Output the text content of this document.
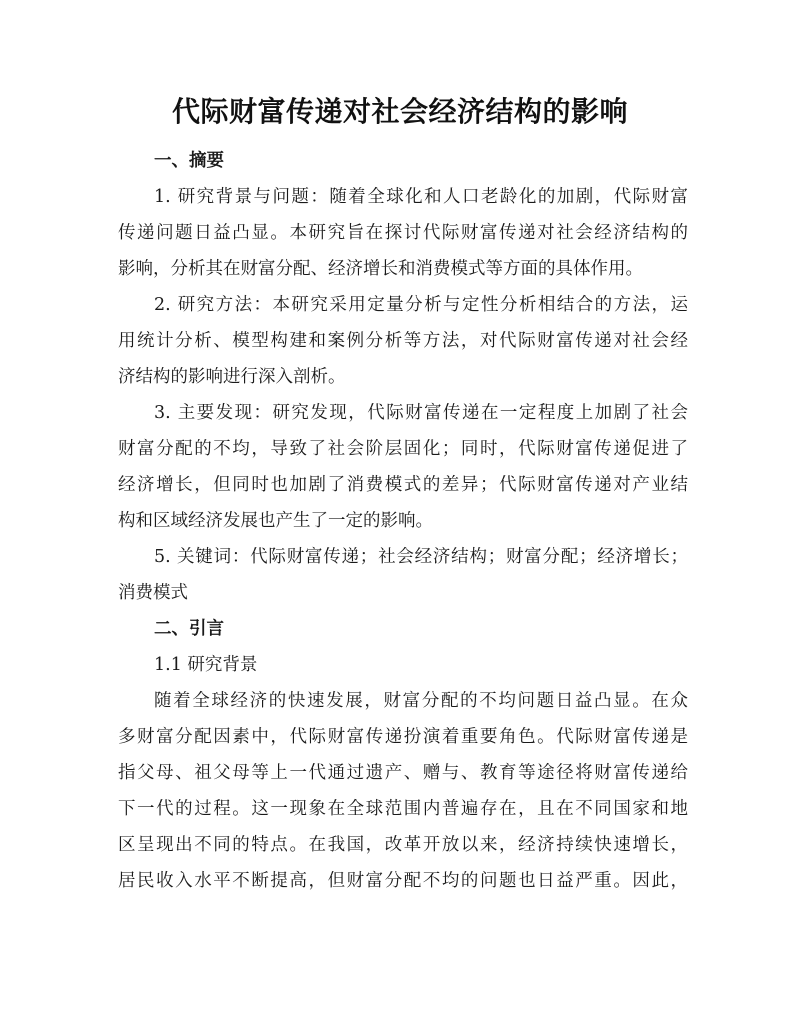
代际财富传递对社会经济结构的影响

一、摘要

1. 研究背景与问题：随着全球化和人口老龄化的加剧，代际财富

传递问题日益凸显。本研究旨在探讨代际财富传递对社会经济结构的

影响，分析其在财富分配、经济增长和消费模式等方面的具体作用。

2. 研究方法：本研究采用定量分析与定性分析相结合的方法，运

用统计分析、模型构建和案例分析等方法，对代际财富传递对社会经

济结构的影响进行深入剖析。

3. 主要发现：研究发现，代际财富传递在一定程度上加剧了社会

财富分配的不均，导致了社会阶层固化；同时，代际财富传递促进了

经济增长，但同时也加剧了消费模式的差异；代际财富传递对产业结

构和区域经济发展也产生了一定的影响。

5. 关键词：代际财富传递；社会经济结构；财富分配；经济增长；

消费模式

二、引言

1.1 研究背景

随着全球经济的快速发展，财富分配的不均问题日益凸显。在众

多财富分配因素中，代际财富传递扮演着重要角色。代际财富传递是

指父母、祖父母等上一代通过遗产、赠与、教育等途径将财富传递给

下一代的过程。这一现象在全球范围内普遍存在，且在不同国家和地

区呈现出不同的特点。在我国，改革开放以来，经济持续快速增长，

居民收入水平不断提高，但财富分配不均的问题也日益严重。因此，
